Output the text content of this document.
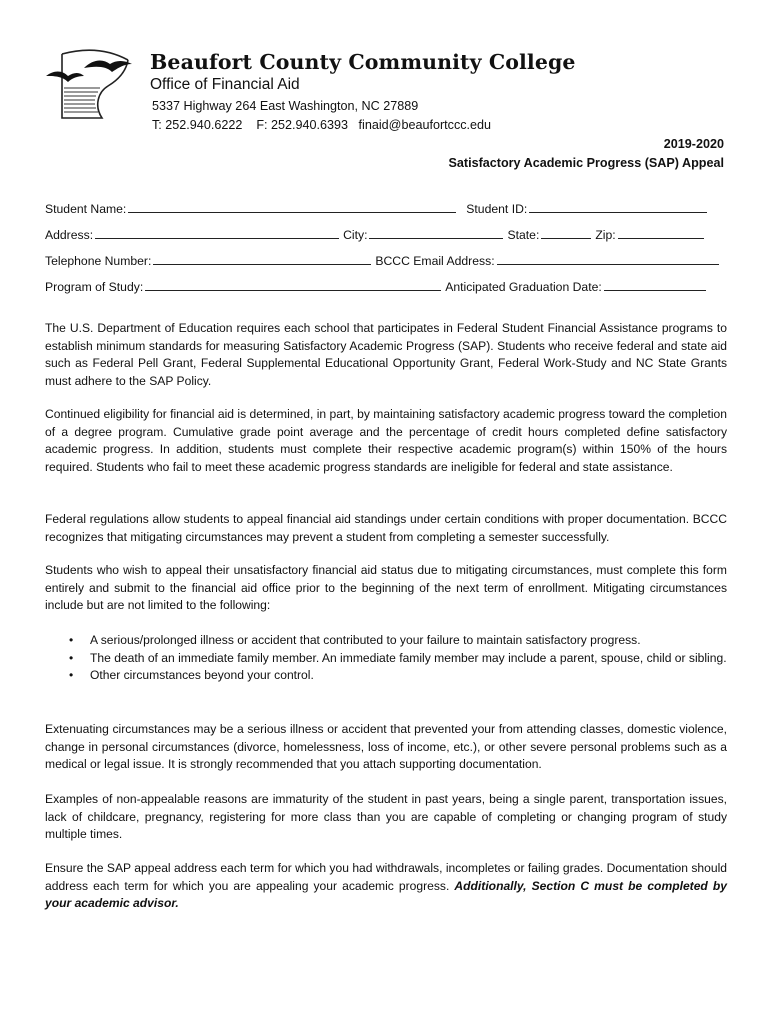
Beaufort County Community College
Office of Financial Aid
5337 Highway 264 East Washington, NC 27889
T: 252.940.6222    F: 252.940.6393   finaid@beaufortccc.edu
2019-2020
Satisfactory Academic Progress (SAP) Appeal
Student Name:	Student ID:
Address:	City:	State:	Zip:
Telephone Number:	BCCC Email Address:
Program of Study:	Anticipated Graduation Date:

The U.S. Department of Education requires each school that participates in Federal Student Financial Assistance programs to establish minimum standards for measuring Satisfactory Academic Progress (SAP). Students who receive federal and state aid such as Federal Pell Grant, Federal Supplemental Educational Opportunity Grant, Federal Work-Study and NC State Grants must adhere to the SAP Policy.

Continued eligibility for financial aid is determined, in part, by maintaining satisfactory academic progress toward the completion of a degree program. Cumulative grade point average and the percentage of credit hours completed define satisfactory academic progress. In addition, students must complete their respective academic program(s) within 150% of the hours required. Students who fail to meet these academic progress standards are ineligible for federal and state assistance.

Federal regulations allow students to appeal financial aid standings under certain conditions with proper documentation. BCCC recognizes that mitigating circumstances may prevent a student from completing a semester successfully.

Students who wish to appeal their unsatisfactory financial aid status due to mitigating circumstances, must complete this form entirely and submit to the financial aid office prior to the beginning of the next term of enrollment. Mitigating circumstances include but are not limited to the following:

• A serious/prolonged illness or accident that contributed to your failure to maintain satisfactory progress.
• The death of an immediate family member. An immediate family member may include a parent, spouse, child or sibling.
• Other circumstances beyond your control.

Extenuating circumstances may be a serious illness or accident that prevented your from attending classes, domestic violence, change in personal circumstances (divorce, homelessness, loss of income, etc.), or other severe personal problems such as a medical or legal issue. It is strongly recommended that you attach supporting documentation.

Examples of non-appealable reasons are immaturity of the student in past years, being a single parent, transportation issues, lack of childcare, pregnancy, registering for more class than you are capable of completing or changing program of study multiple times.

Ensure the SAP appeal address each term for which you had withdrawals, incompletes or failing grades. Documentation should address each term for which you are appealing your academic progress. Additionally, Section C must be completed by your academic advisor.
